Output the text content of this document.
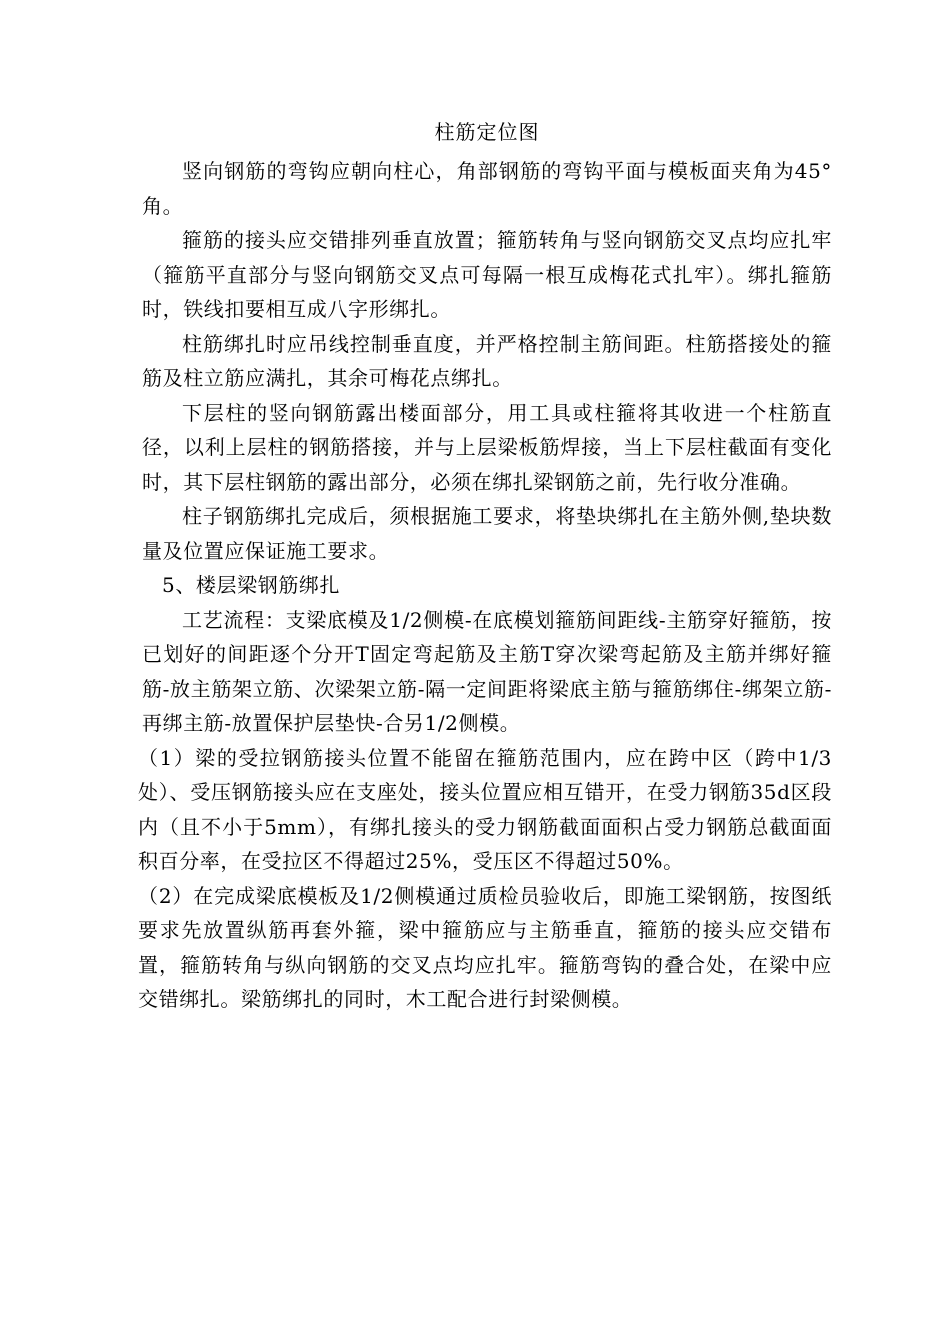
柱筋定位图

竖向钢筋的弯钩应朝向柱心，角部钢筋的弯钩平面与模板面夹角为45°角。

箍筋的接头应交错排列垂直放置；箍筋转角与竖向钢筋交叉点均应扎牢（箍筋平直部分与竖向钢筋交叉点可每隔一根互成梅花式扎牢）。绑扎箍筋时，铁线扣要相互成八字形绑扎。

柱筋绑扎时应吊线控制垂直度，并严格控制主筋间距。柱筋搭接处的箍筋及柱立筋应满扎，其余可梅花点绑扎。

下层柱的竖向钢筋露出楼面部分，用工具或柱箍将其收进一个柱筋直径，以利上层柱的钢筋搭接，并与上层梁板筋焊接，当上下层柱截面有变化时，其下层柱钢筋的露出部分，必须在绑扎梁钢筋之前，先行收分准确。

柱子钢筋绑扎完成后，须根据施工要求，将垫块绑扎在主筋外侧,垫块数量及位置应保证施工要求。

5、楼层梁钢筋绑扎

工艺流程：支梁底模及1/2侧模-在底模划箍筋间距线-主筋穿好箍筋，按已划好的间距逐个分开T固定弯起筋及主筋T穿次梁弯起筋及主筋并绑好箍筋-放主筋架立筋、次梁架立筋-隔一定间距将梁底主筋与箍筋绑住-绑架立筋-再绑主筋-放置保护层垫快-合另1/2侧模。

（1）梁的受拉钢筋接头位置不能留在箍筋范围内，应在跨中区（跨中1/3处）、受压钢筋接头应在支座处，接头位置应相互错开，在受力钢筋35d区段内（且不小于5mm），有绑扎接头的受力钢筋截面面积占受力钢筋总截面面积百分率，在受拉区不得超过25%，受压区不得超过50%。

（2）在完成梁底模板及1/2侧模通过质检员验收后，即施工梁钢筋，按图纸要求先放置纵筋再套外箍，梁中箍筋应与主筋垂直，箍筋的接头应交错布置，箍筋转角与纵向钢筋的交叉点均应扎牢。箍筋弯钩的叠合处，在梁中应交错绑扎。梁筋绑扎的同时，木工配合进行封梁侧模。
